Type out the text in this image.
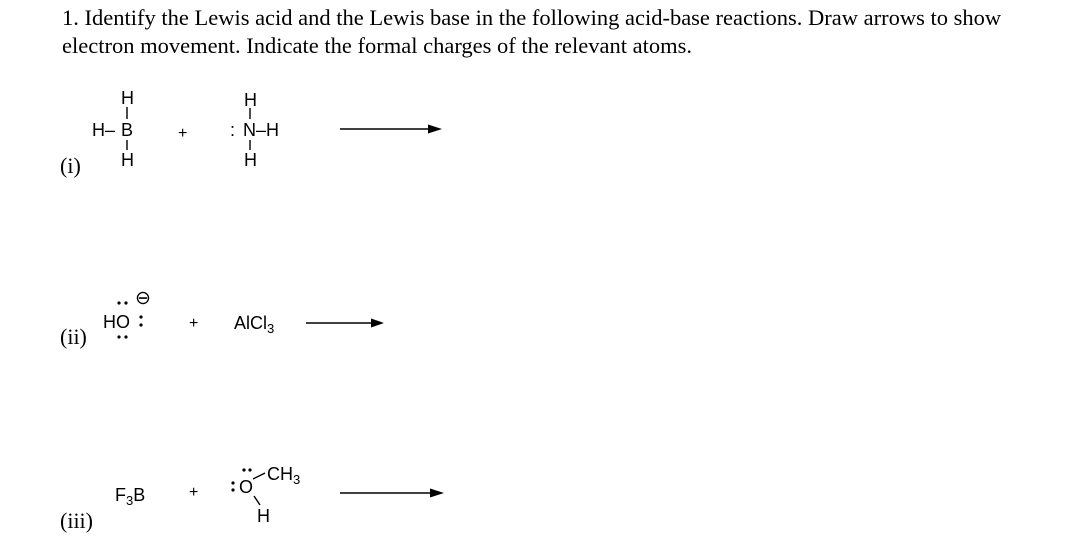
1. Identify the Lewis acid and the Lewis base in the following acid-base reactions. Draw arrows to show electron movement. Indicate the formal charges of the relevant atoms.
(i)
H
H– B
H
+
H
: N –H
H
(ii)
HO
⊖
+ AlCl$_3$
(iii)
$F_3B$	+ O
$CH_3$
H
